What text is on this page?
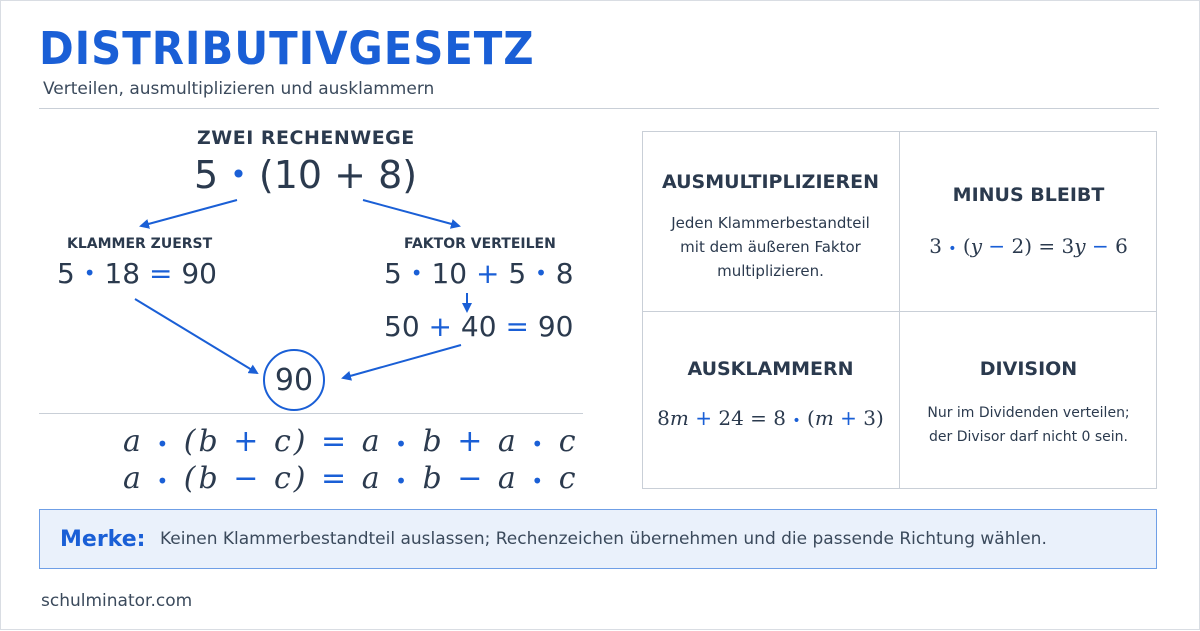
DISTRIBUTIVGESETZ
Verteilen, ausmultiplizieren und ausklammern
ZWEI RECHENWEGE
5 • (10 + 8)
KLAMMER ZUERST
5 • 18 = 90
FAKTOR VERTEILEN
5 • 10 + 5 • 8
50 + 40 = 90
90
a • (b + c) = a • b + a • c
a • (b − c) = a • b − a • c
AUSMULTIPLIZIEREN
Jeden Klammerbestandteil
mit dem äußeren Faktor
multiplizieren.
MINUS BLEIBT
3 • (y − 2) = 3y − 6
AUSKLAMMERN
8m + 24 = 8 • (m + 3)
DIVISION
Nur im Dividenden verteilen;
der Divisor darf nicht 0 sein.
Merke: Keinen Klammerbestandteil auslassen; Rechenzeichen übernehmen und die passende Richtung wählen.
schulminator.com
